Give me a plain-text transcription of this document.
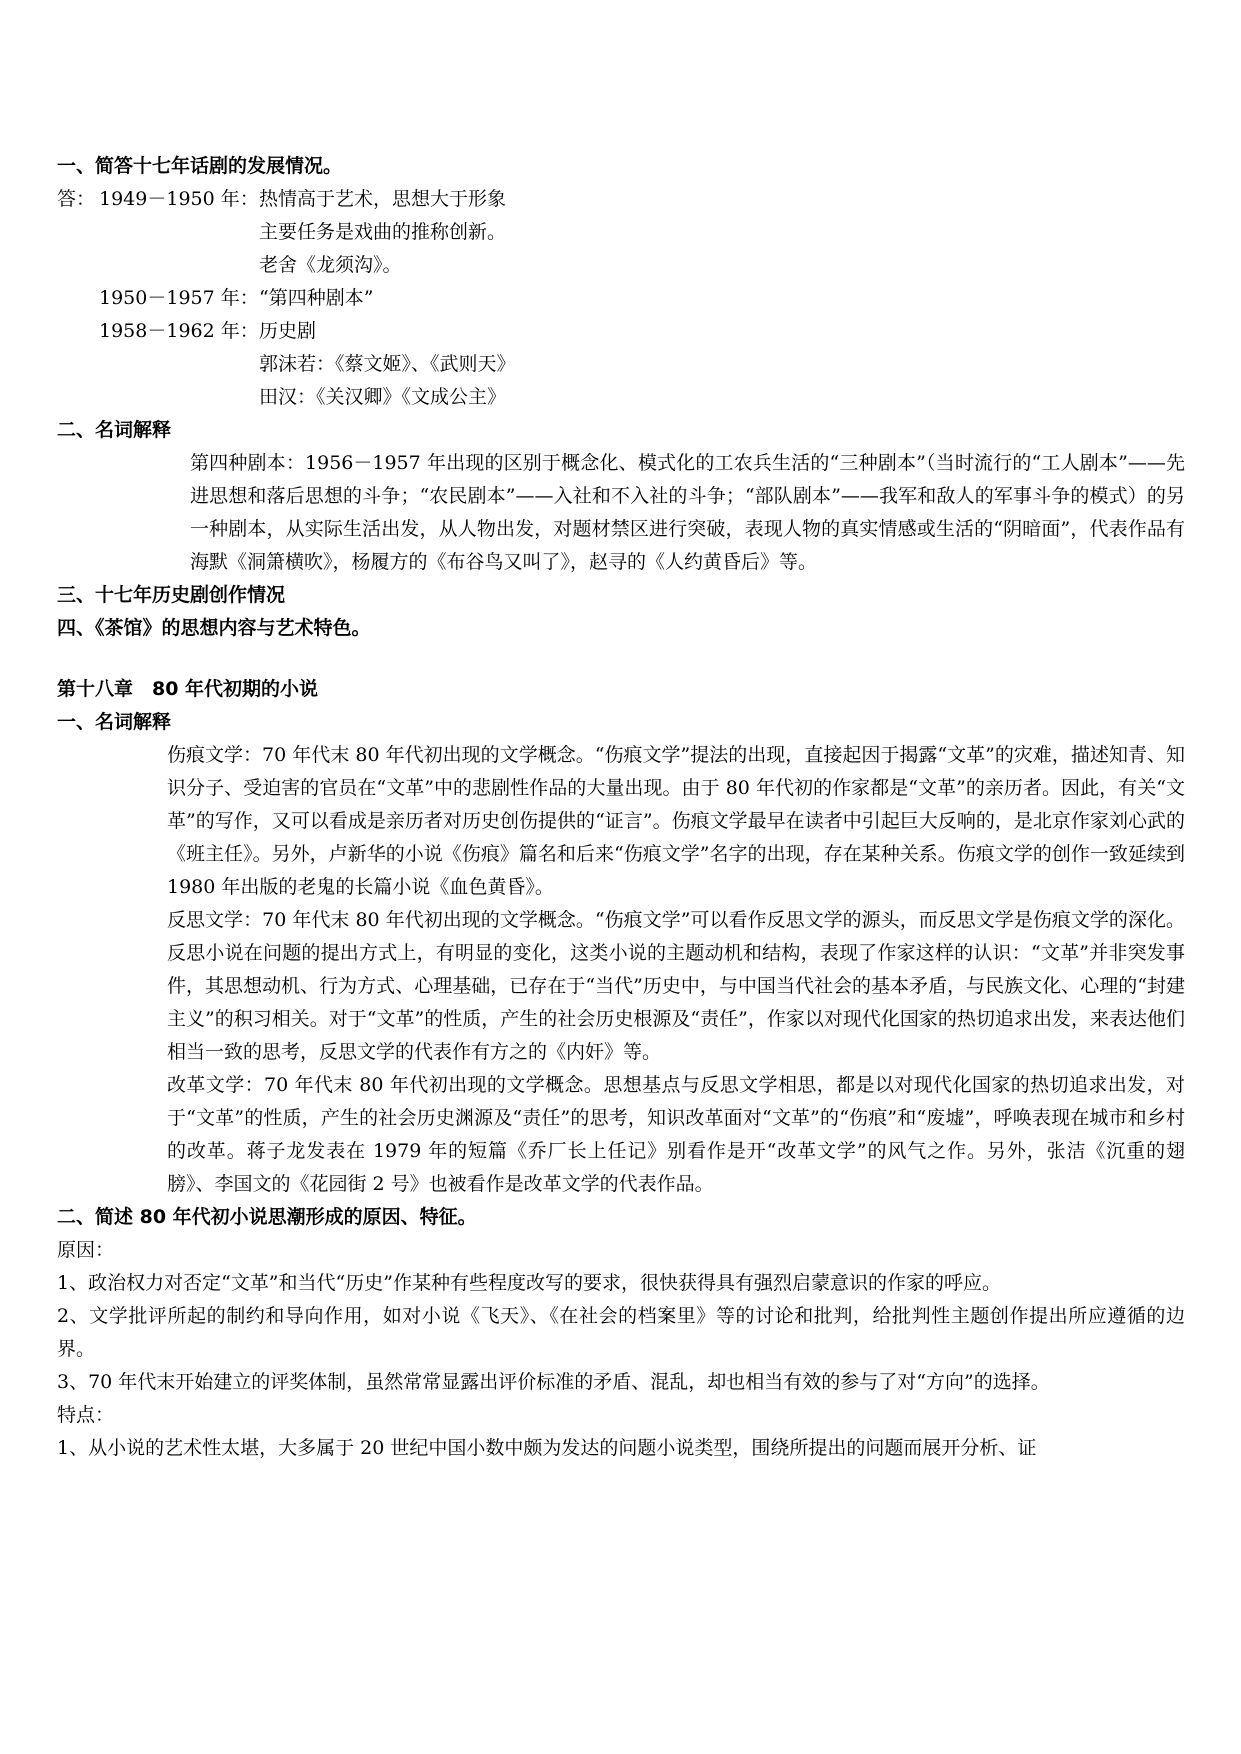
一、简答十七年话剧的发展情况。
答： 1949－1950 年： 热情高于艺术，思想大于形象
主要任务是戏曲的推称创新。
老舍《龙须沟》。
1950－1957 年： “第四种剧本”
1958－1962 年： 历史剧
郭沫若：《蔡文姬》、《武则天》
田汉：《关汉卿》《文成公主》
二、名词解释
第四种剧本：1956－1957 年出现的区别于概念化、模式化的工农兵生活的“三种剧本”（当时流行的“工人剧本”——先进思想和落后思想的斗争；“农民剧本”——入社和不入社的斗争；“部队剧本”——我军和敌人的军事斗争的模式）的另一种剧本，从实际生活出发，从人物出发，对题材禁区进行突破，表现人物的真实情感或生活的“阴暗面”，代表作品有海默《洞箫横吹》，杨履方的《布谷鸟又叫了》，赵寻的《人约黄昏后》等。
三、十七年历史剧创作情况
四、《茶馆》的思想内容与艺术特色。
第十八章　80 年代初期的小说
一、名词解释
伤痕文学：70 年代末 80 年代初出现的文学概念。“伤痕文学”提法的出现，直接起因于揭露“文革”的灾难，描述知青、知识分子、受迫害的官员在“文革”中的悲剧性作品的大量出现。由于 80 年代初的作家都是“文革”的亲历者。因此，有关“文革”的写作，又可以看成是亲历者对历史创伤提供的“证言”。伤痕文学最早在读者中引起巨大反响的，是北京作家刘心武的《班主任》。另外，卢新华的小说《伤痕》篇名和后来“伤痕文学”名字的出现，存在某种关系。伤痕文学的创作一致延续到 1980 年出版的老鬼的长篇小说《血色黄昏》。
反思文学：70 年代末 80 年代初出现的文学概念。“伤痕文学”可以看作反思文学的源头，而反思文学是伤痕文学的深化。反思小说在问题的提出方式上，有明显的变化，这类小说的主题动机和结构，表现了作家这样的认识：“文革”并非突发事件，其思想动机、行为方式、心理基础，已存在于“当代”历史中，与中国当代社会的基本矛盾，与民族文化、心理的“封建主义”的积习相关。对于“文革”的性质，产生的社会历史根源及“责任”，作家以对现代化国家的热切追求出发，来表达他们相当一致的思考，反思文学的代表作有方之的《内奸》等。
改革文学：70 年代末 80 年代初出现的文学概念。思想基点与反思文学相思，都是以对现代化国家的热切追求出发，对于“文革”的性质，产生的社会历史渊源及“责任”的思考，知识改革面对“文革”的“伤痕”和“废墟”，呼唤表现在城市和乡村的改革。蒋子龙发表在 1979 年的短篇《乔厂长上任记》别看作是开“改革文学”的风气之作。另外，张洁《沉重的翅膀》、李国文的《花园街 2 号》也被看作是改革文学的代表作品。
二、简述 80 年代初小说思潮形成的原因、特征。
原因：
1、政治权力对否定“文革”和当代“历史”作某种有些程度改写的要求，很快获得具有强烈启蒙意识的作家的呼应。
2、文学批评所起的制约和导向作用，如对小说《飞天》、《在社会的档案里》等的讨论和批判，给批判性主题创作提出所应遵循的边界。
3、70 年代末开始建立的评奖体制，虽然常常显露出评价标准的矛盾、混乱，却也相当有效的参与了对“方向”的选择。
特点：
1、从小说的艺术性太堪，大多属于 20 世纪中国小数中颇为发达的问题小说类型，围绕所提出的问题而展开分析、证
